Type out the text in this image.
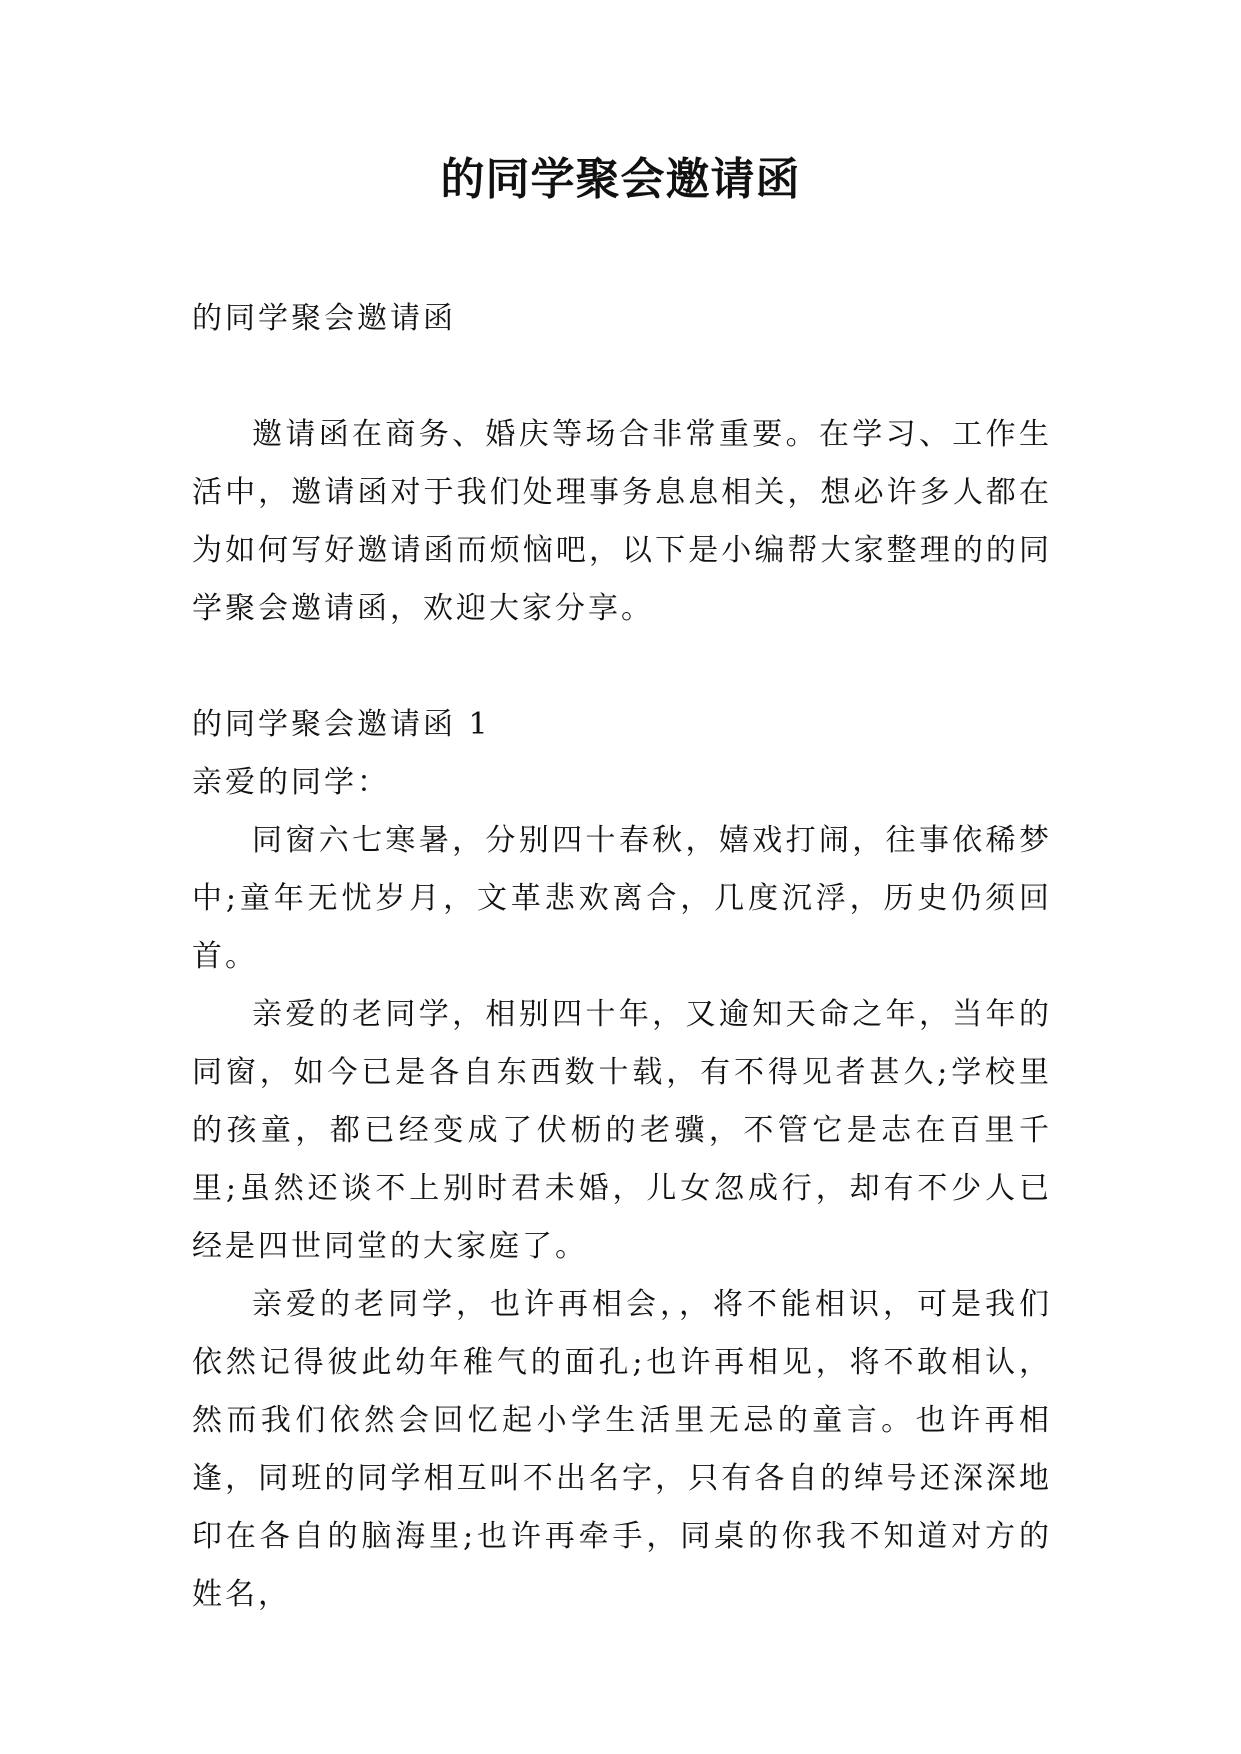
的同学聚会邀请函

的同学聚会邀请函

邀请函在商务、婚庆等场合非常重要。在学习、工作生活中，邀请函对于我们处理事务息息相关，想必许多人都在为如何写好邀请函而烦恼吧，以下是小编帮大家整理的的同学聚会邀请函，欢迎大家分享。

的同学聚会邀请函 1

亲爱的同学：

同窗六七寒暑，分别四十春秋，嬉戏打闹，往事依稀梦中;童年无忧岁月，文革悲欢离合，几度沉浮，历史仍须回首。

亲爱的老同学，相别四十年，又逾知天命之年，当年的同窗，如今已是各自东西数十载，有不得见者甚久;学校里的孩童，都已经变成了伏枥的老骥，不管它是志在百里千里;虽然还谈不上别时君未婚，儿女忽成行，却有不少人已经是四世同堂的大家庭了。

亲爱的老同学，也许再相会，，将不能相识，可是我们依然记得彼此幼年稚气的面孔;也许再相见，将不敢相认，然而我们依然会回忆起小学生活里无忌的童言。也许再相逢，同班的同学相互叫不出名字，只有各自的绰号还深深地印在各自的脑海里;也许再牵手，同桌的你我不知道对方的姓名，
